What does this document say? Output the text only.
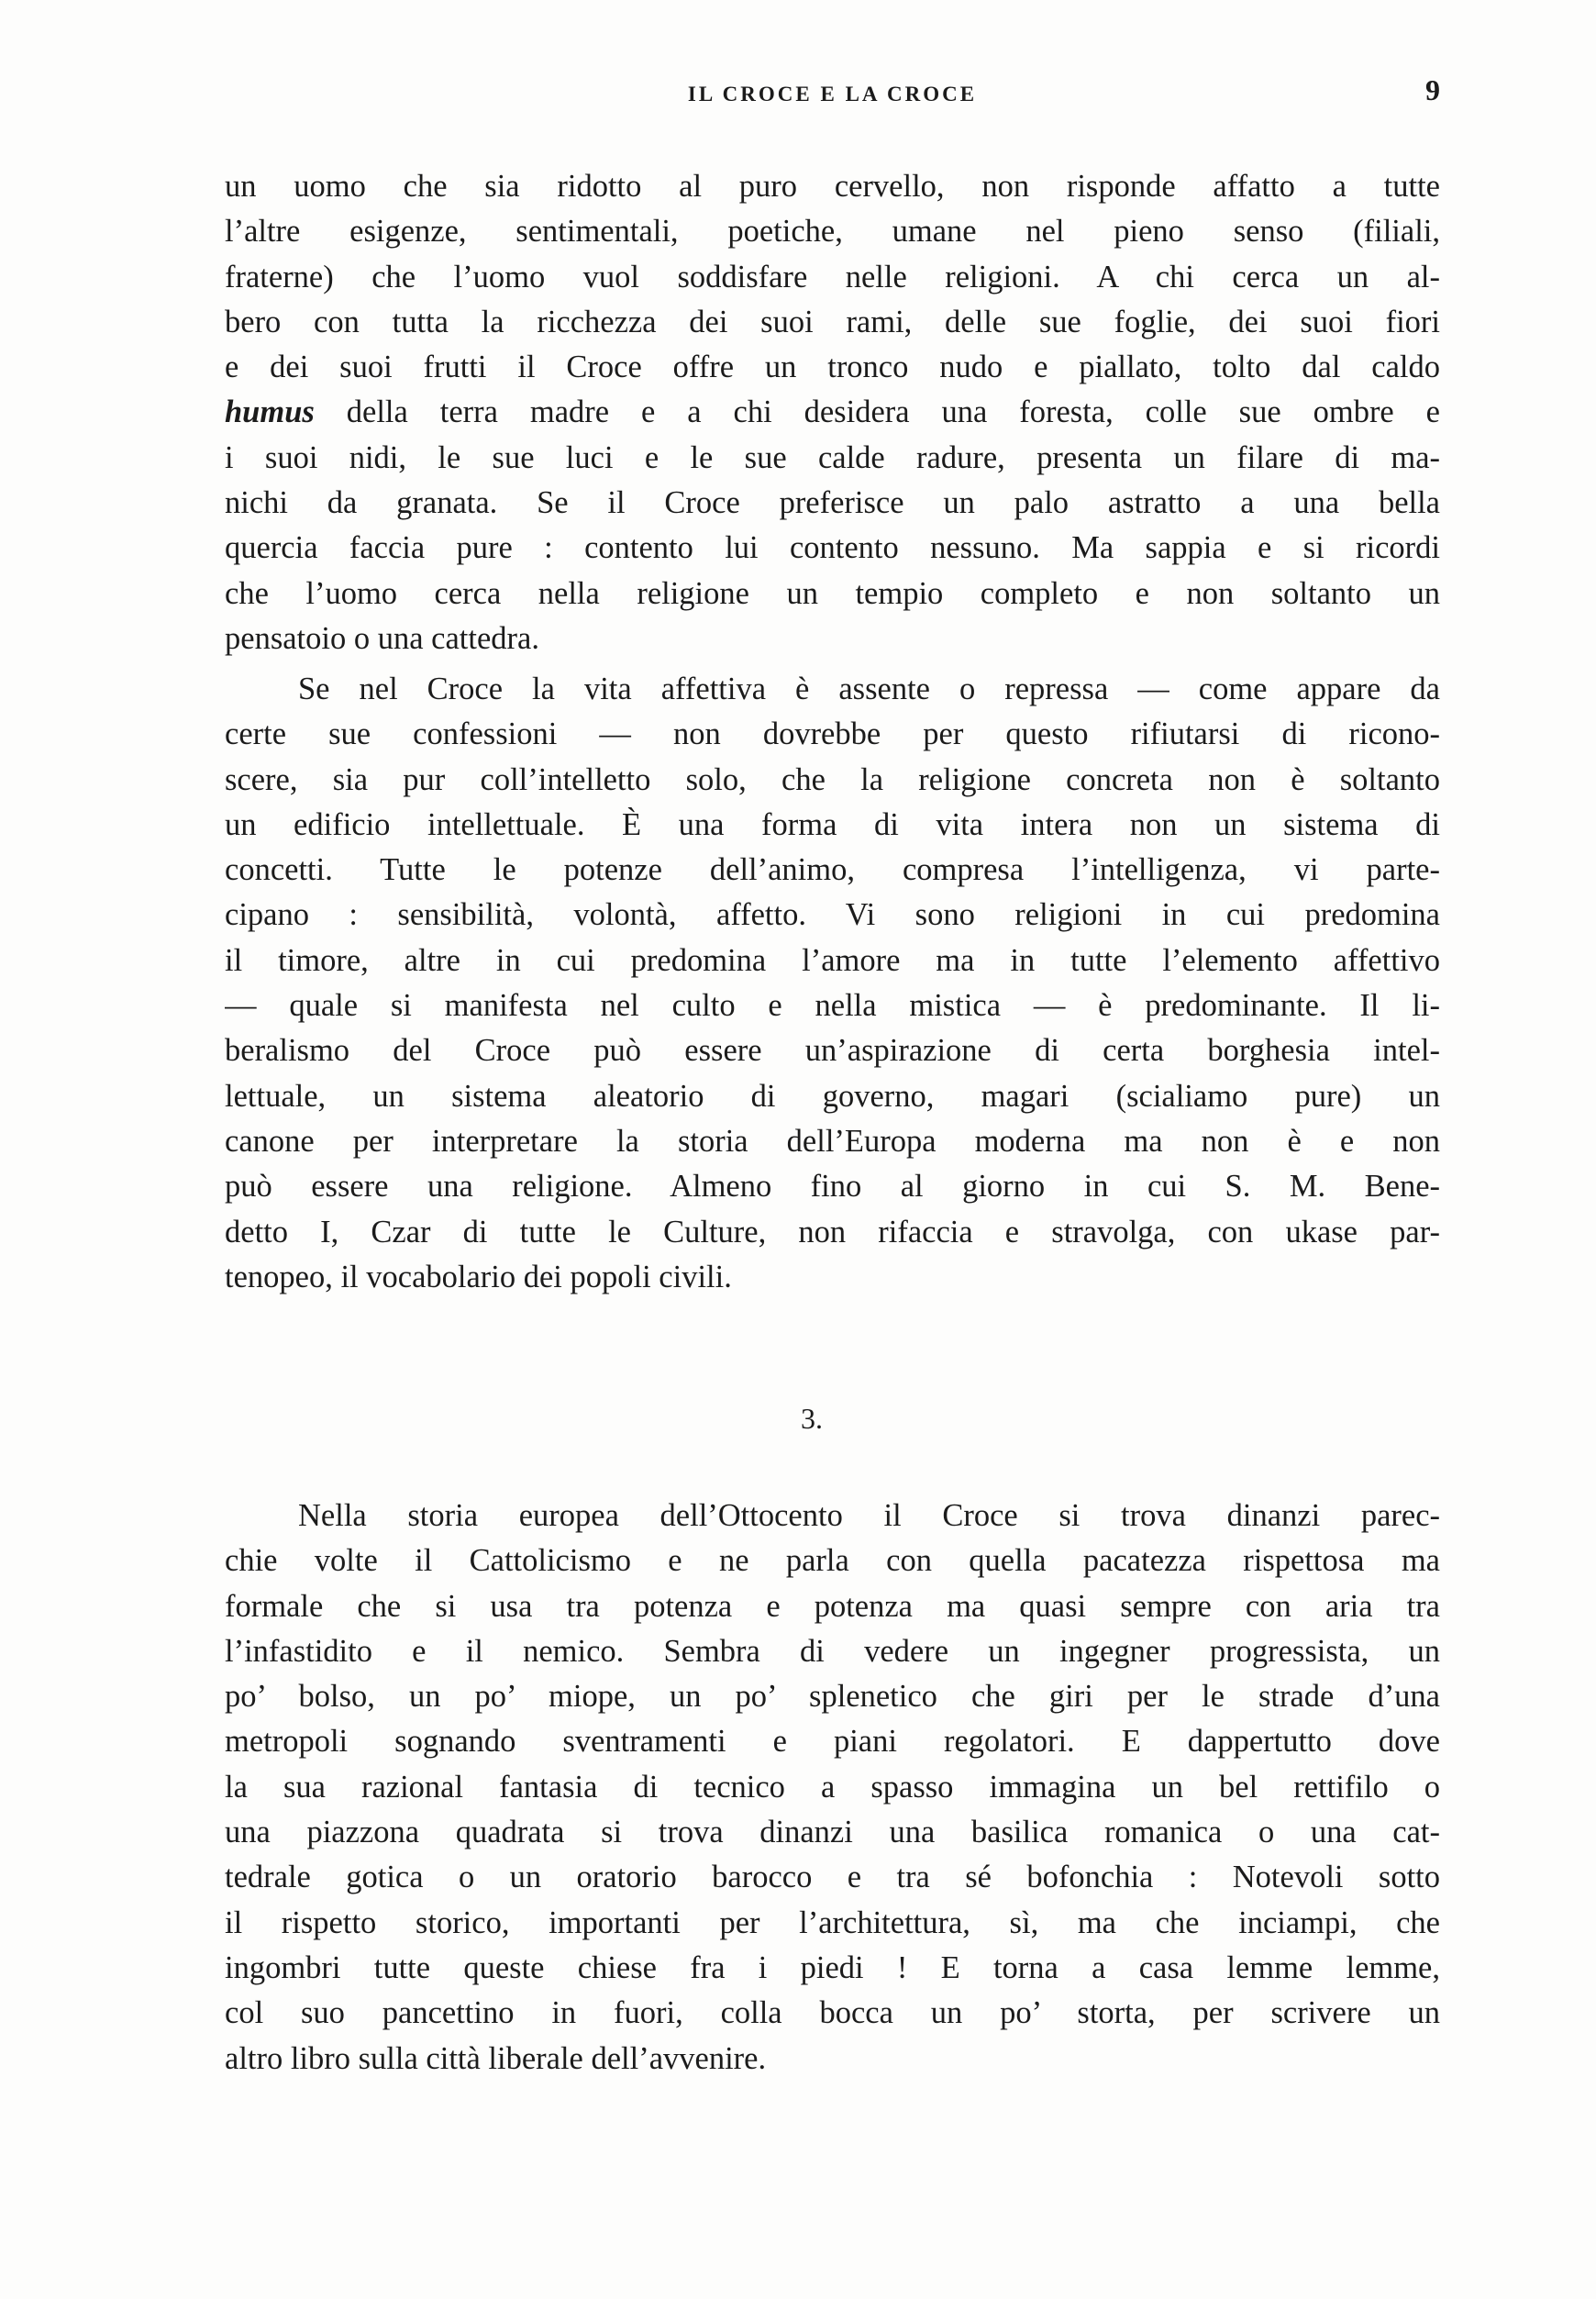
IL CROCE E LA CROCE	9
un uomo che sia ridotto al puro cervello, non risponde affatto a tutte
l’altre esigenze, sentimentali, poetiche, umane nel pieno senso (filiali,
fraterne) che l’uomo vuol soddisfare nelle religioni. A chi cerca un al-
bero con tutta la ricchezza dei suoi rami, delle sue foglie, dei suoi fiori
e dei suoi frutti il Croce offre un tronco nudo e piallato, tolto dal caldo
humus della terra madre e a chi desidera una foresta, colle sue ombre e
i suoi nidi, le sue luci e le sue calde radure, presenta un filare di ma-
nichi da granata. Se il Croce preferisce un palo astratto a una bella
quercia faccia pure : contento lui contento nessuno. Ma sappia e si ricordi
che l’uomo cerca nella religione un tempio completo e non soltanto un
pensatoio o una cattedra.
Se nel Croce la vita affettiva è assente o repressa — come appare da
certe sue confessioni — non dovrebbe per questo rifiutarsi di ricono-
scere, sia pur coll’intelletto solo, che la religione concreta non è soltanto
un edificio intellettuale. È una forma di vita intera non un sistema di
concetti. Tutte le potenze dell’animo, compresa l’intelligenza, vi parte-
cipano : sensibilità, volontà, affetto. Vi sono religioni in cui predomina
il timore, altre in cui predomina l’amore ma in tutte l’elemento affettivo
— quale si manifesta nel culto e nella mistica — è predominante. Il li-
beralismo del Croce può essere un’aspirazione di certa borghesia intel-
lettuale, un sistema aleatorio di governo, magari (scialiamo pure) un
canone per interpretare la storia dell’Europa moderna ma non è e non
può essere una religione. Almeno fino al giorno in cui S. M. Bene-
detto I, Czar di tutte le Culture, non rifaccia e stravolga, con ukase par-
tenopeo, il vocabolario dei popoli civili.
3.
Nella storia europea dell’Ottocento il Croce si trova dinanzi parec-
chie volte il Cattolicismo e ne parla con quella pacatezza rispettosa ma
formale che si usa tra potenza e potenza ma quasi sempre con aria tra
l’infastidito e il nemico. Sembra di vedere un ingegner progressista, un
po’ bolso, un po’ miope, un po’ splenetico che giri per le strade d’una
metropoli sognando sventramenti e piani regolatori. E dappertutto dove
la sua razional fantasia di tecnico a spasso immagina un bel rettifilo o
una piazzona quadrata si trova dinanzi una basilica romanica o una cat-
tedrale gotica o un oratorio barocco e tra sé bofonchia : Notevoli sotto
il rispetto storico, importanti per l’architettura, sì, ma che inciampi, che
ingombri tutte queste chiese fra i piedi ! E torna a casa lemme lemme,
col suo pancettino in fuori, colla bocca un po’ storta, per scrivere un
altro libro sulla città liberale dell’avvenire.
